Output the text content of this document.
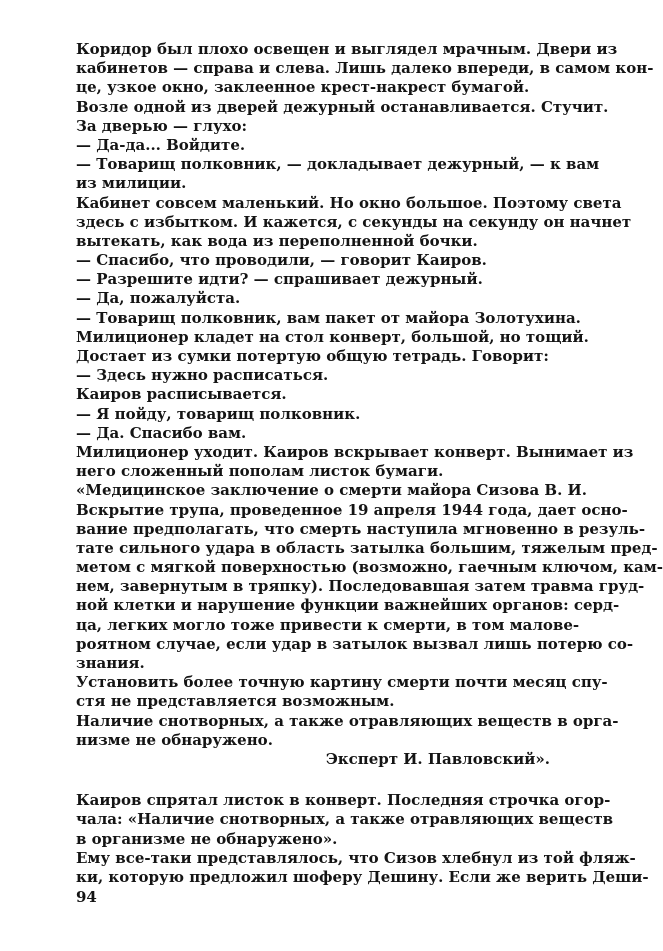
Коридор был плохо освещен и выглядел мрачным. Двери из
кабинетов — справа и слева. Лишь далеко впереди, в самом кон-
це, узкое окно, заклеенное крест-накрест бумагой.
Возле одной из дверей дежурный останавливается. Стучит.
За дверью — глухо:
— Да-да... Войдите.
— Товарищ полковник, — докладывает дежурный, — к вам
из милиции.
Кабинет совсем маленький. Но окно большое. Поэтому света
здесь с избытком. И кажется, с секунды на секунду он начнет
вытекать, как вода из переполненной бочки.
— Спасибо, что проводили, — говорит Каиров.
— Разрешите идти? — спрашивает дежурный.
— Да, пожалуйста.
— Товарищ полковник, вам пакет от майора Золотухина.
Милиционер кладет на стол конверт, большой, но тощий.
Достает из сумки потертую общую тетрадь. Говорит:
— Здесь нужно расписаться.
Каиров расписывается.
— Я пойду, товарищ полковник.
— Да. Спасибо вам.
Милиционер уходит. Каиров вскрывает конверт. Вынимает из
него сложенный пополам листок бумаги.
«Медицинское заключение о смерти майора Сизова В. И.
Вскрытие трупа, проведенное 19 апреля 1944 года, дает осно-
вание предполагать, что смерть наступила мгновенно в резуль-
тате сильного удара в область затылка большим, тяжелым пред-
метом с мягкой поверхностью (возможно, гаечным ключом, кам-
нем, завернутым в тряпку). Последовавшая затем травма груд-
ной клетки и нарушение функции важнейших органов: серд-
ца, легких могло тоже привести к смерти, в том малове-
роятном случае, если удар в затылок вызвал лишь потерю со-
знания.
Установить более точную картину смерти почти месяц спу-
стя не представляется возможным.
Наличие снотворных, а также отравляющих веществ в орга-
низме не обнаружено.
Эксперт И. Павловский».
Каиров спрятал листок в конверт. Последняя строчка огор-
чала: «Наличие снотворных, а также отравляющих веществ
в организме не обнаружено».
Ему все-таки представлялось, что Сизов хлебнул из той фляж-
ки, которую предложил шоферу Дешину. Если же верить Деши-
94
